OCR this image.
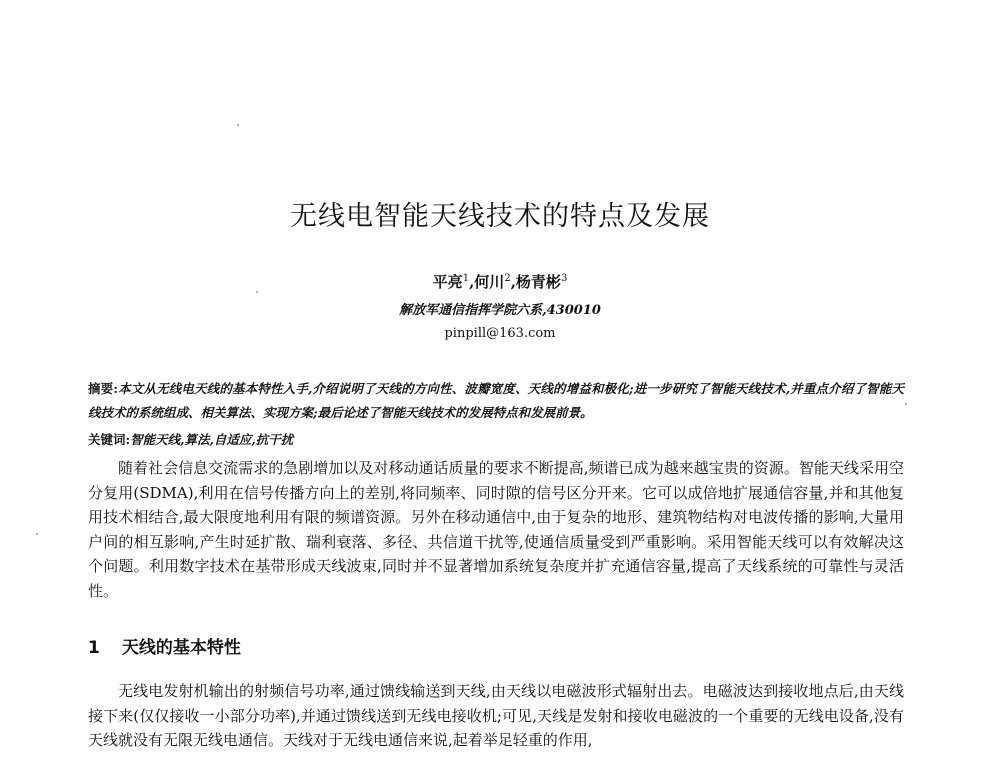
无线电智能天线技术的特点及发展
平亮$^1$,何川$^2$,杨青彬$^3$
解放军通信指挥学院六系,430010
pinpill@163.com
摘要:本文从无线电天线的基本特性入手,介绍说明了天线的方向性、波瓣宽度、天线的增益和极化;进一步研究了智能天线技术,并重点介绍了智能天线技术的系统组成、相关算法、实现方案;最后论述了智能天线技术的发展特点和发展前景。
关键词:智能天线,算法,自适应,抗干扰

随着社会信息交流需求的急剧增加以及对移动通话质量的要求不断提高,频谱已成为越来越宝贵的资源。智能天线采用空分复用(SDMA),利用在信号传播方向上的差别,将同频率、同时隙的信号区分开来。它可以成倍地扩展通信容量,并和其他复用技术相结合,最大限度地利用有限的频谱资源。另外在移动通信中,由于复杂的地形、建筑物结构对电波传播的影响,大量用户间的相互影响,产生时延扩散、瑞利衰落、多径、共信道干扰等,使通信质量受到严重影响。采用智能天线可以有效解决这个问题。利用数字技术在基带形成天线波束,同时并不显著增加系统复杂度并扩充通信容量,提高了天线系统的可靠性与灵活性。

1 天线的基本特性

无线电发射机输出的射频信号功率,通过馈线输送到天线,由天线以电磁波形式辐射出去。电磁波达到接收地点后,由天线接下来(仅仅接收一小部分功率),并通过馈线送到无线电接收机;可见,天线是发射和接收电磁波的一个重要的无线电设备,没有天线就没有无限无线电通信。天线对于无线电通信来说,起着举足轻重的作用,
